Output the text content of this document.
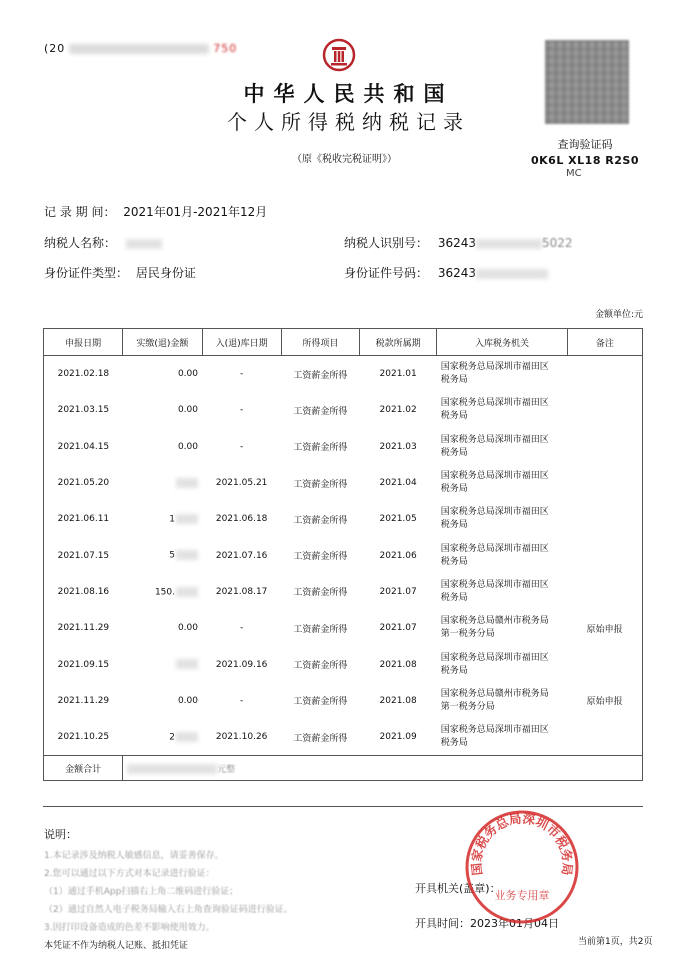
(20	750
中华人民共和国
个人所得税纳税记录
（原《税收完税证明》）
查询验证码
0K6L XL18 R2S0
MC
记 录 期 间： 2021年01月-2021年12月
纳税人名称：	纳税人识别号： 36243	5022
身份证件类型： 居民身份证	身份证件号码： 36243
金额单位:元
申报日期	实缴(退)金额	入(退)库日期	所得项目	税款所属期	入库税务机关	备注
2021.02.18	0.00	-	工资薪金所得	2021.01	国家税务总局深圳市福田区
税务局	

2021.03.15	0.00	-	工资薪金所得	2021.02	国家税务总局深圳市福田区
税务局	

2021.04.15	0.00	-	工资薪金所得	2021.03	国家税务总局深圳市福田区
税务局	

2021.05.20		2021.05.21	工资薪金所得	2021.04	国家税务总局深圳市福田区
税务局	

2021.06.11	1	2021.06.18	工资薪金所得	2021.05	国家税务总局深圳市福田区
税务局	

2021.07.15	5	2021.07.16	工资薪金所得	2021.06	国家税务总局深圳市福田区
税务局	

2021.08.16	150.	2021.08.17	工资薪金所得	2021.07	国家税务总局深圳市福田区
税务局	

2021.11.29	0.00	-	工资薪金所得	2021.07	国家税务总局赣州市税务局
第一税务分局	原始申报
2021.09.15		2021.09.16	工资薪金所得	2021.08	国家税务总局深圳市福田区
税务局	

2021.11.29	0.00	-	工资薪金所得	2021.08	国家税务总局赣州市税务局
第一税务分局	原始申报
2021.10.25	2	2021.10.26	工资薪金所得	2021.09	国家税务总局深圳市福田区
税务局	

金额合计	元整					
说明：
1.本记录涉及纳税人敏感信息，请妥善保存。
2.您可以通过以下方式对本记录进行验证：
（1）通过手机App扫描右上角二维码进行验证；
（2）通过自然人电子税务局输入右上角查询验证码进行验证。
3.因打印设备造成的色差不影响使用效力。
本凭证不作为纳税人记账、抵扣凭证
开具机关(盖章)：
开具时间：2023年01月04日
当前第1页，共2页
国家税务总局深圳市税务局
业务专用章
